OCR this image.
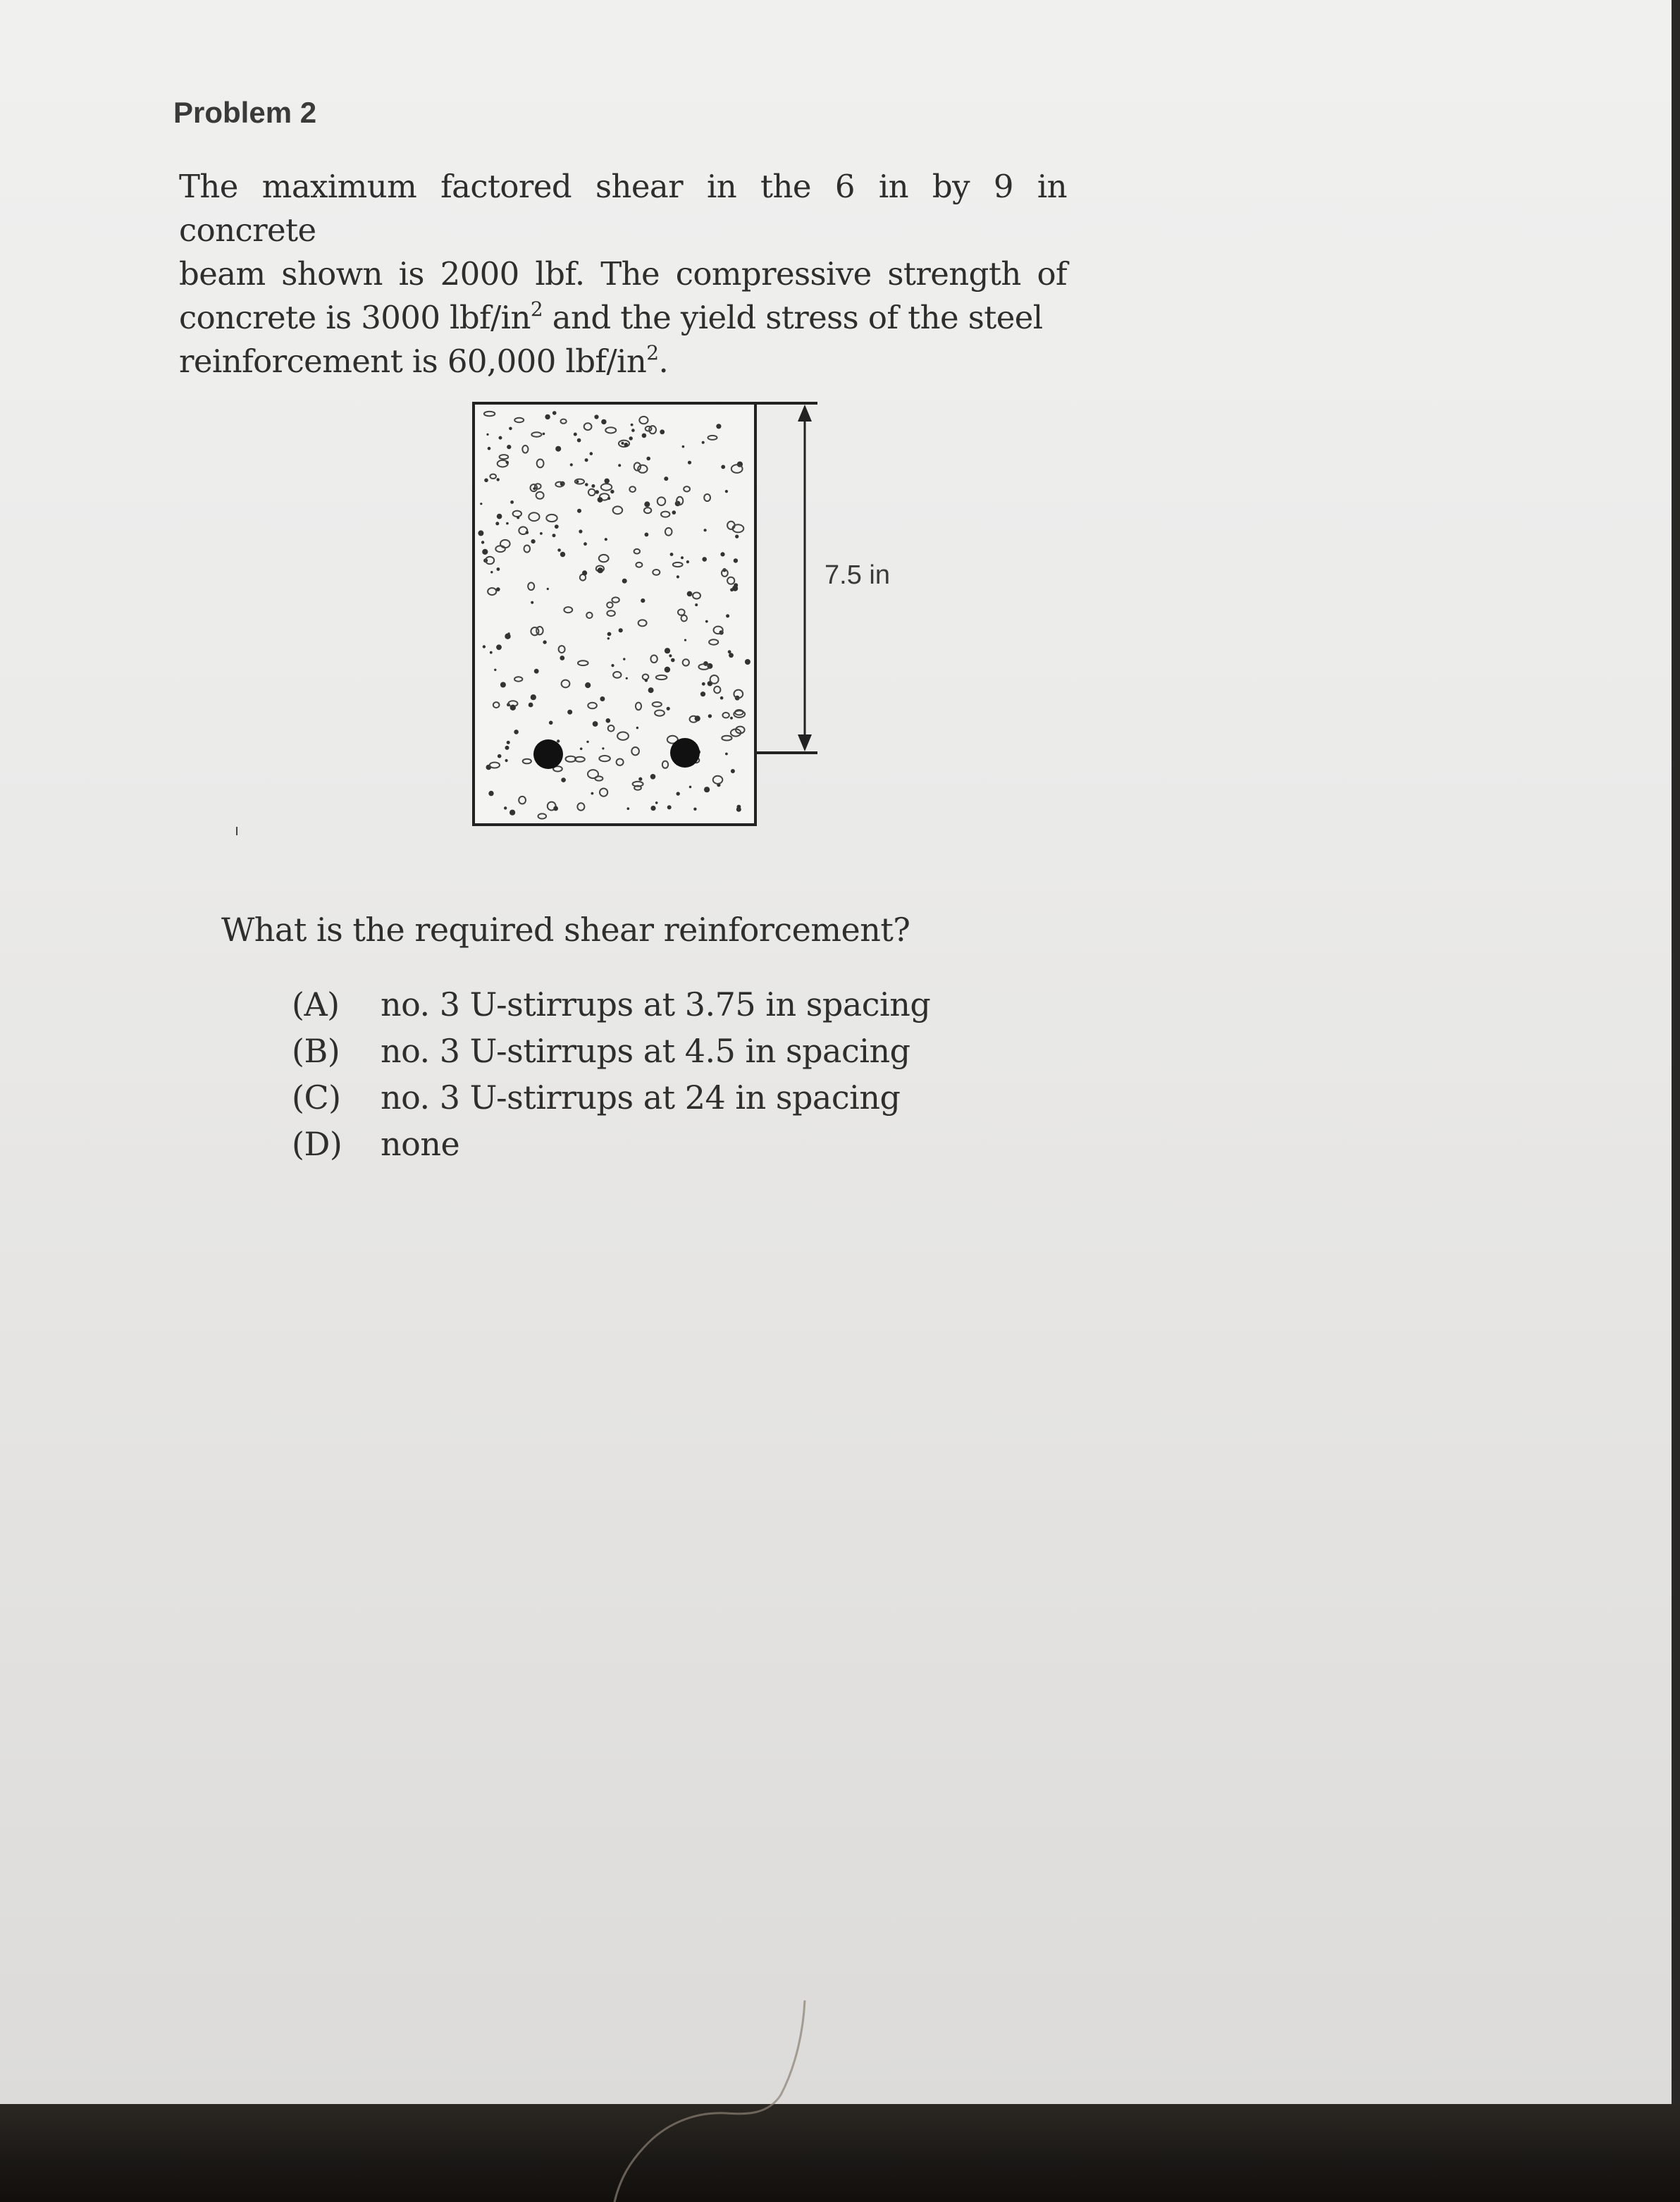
Problem 2

The maximum factored shear in the 6 in by 9 in concrete
beam shown is 2000 lbf. The compressive strength of
concrete is 3000 lbf/$in^2$ and the yield stress of the steel
reinforcement is 60,000 lbf/$in^2$.

7.5 in
ı

What is the required shear reinforcement?

(A)	no. 3 U-stirrups at 3.75 in spacing
(B)	no. 3 U-stirrups at 4.5 in spacing
(C)	no. 3 U-stirrups at 24 in spacing
(D)	none
